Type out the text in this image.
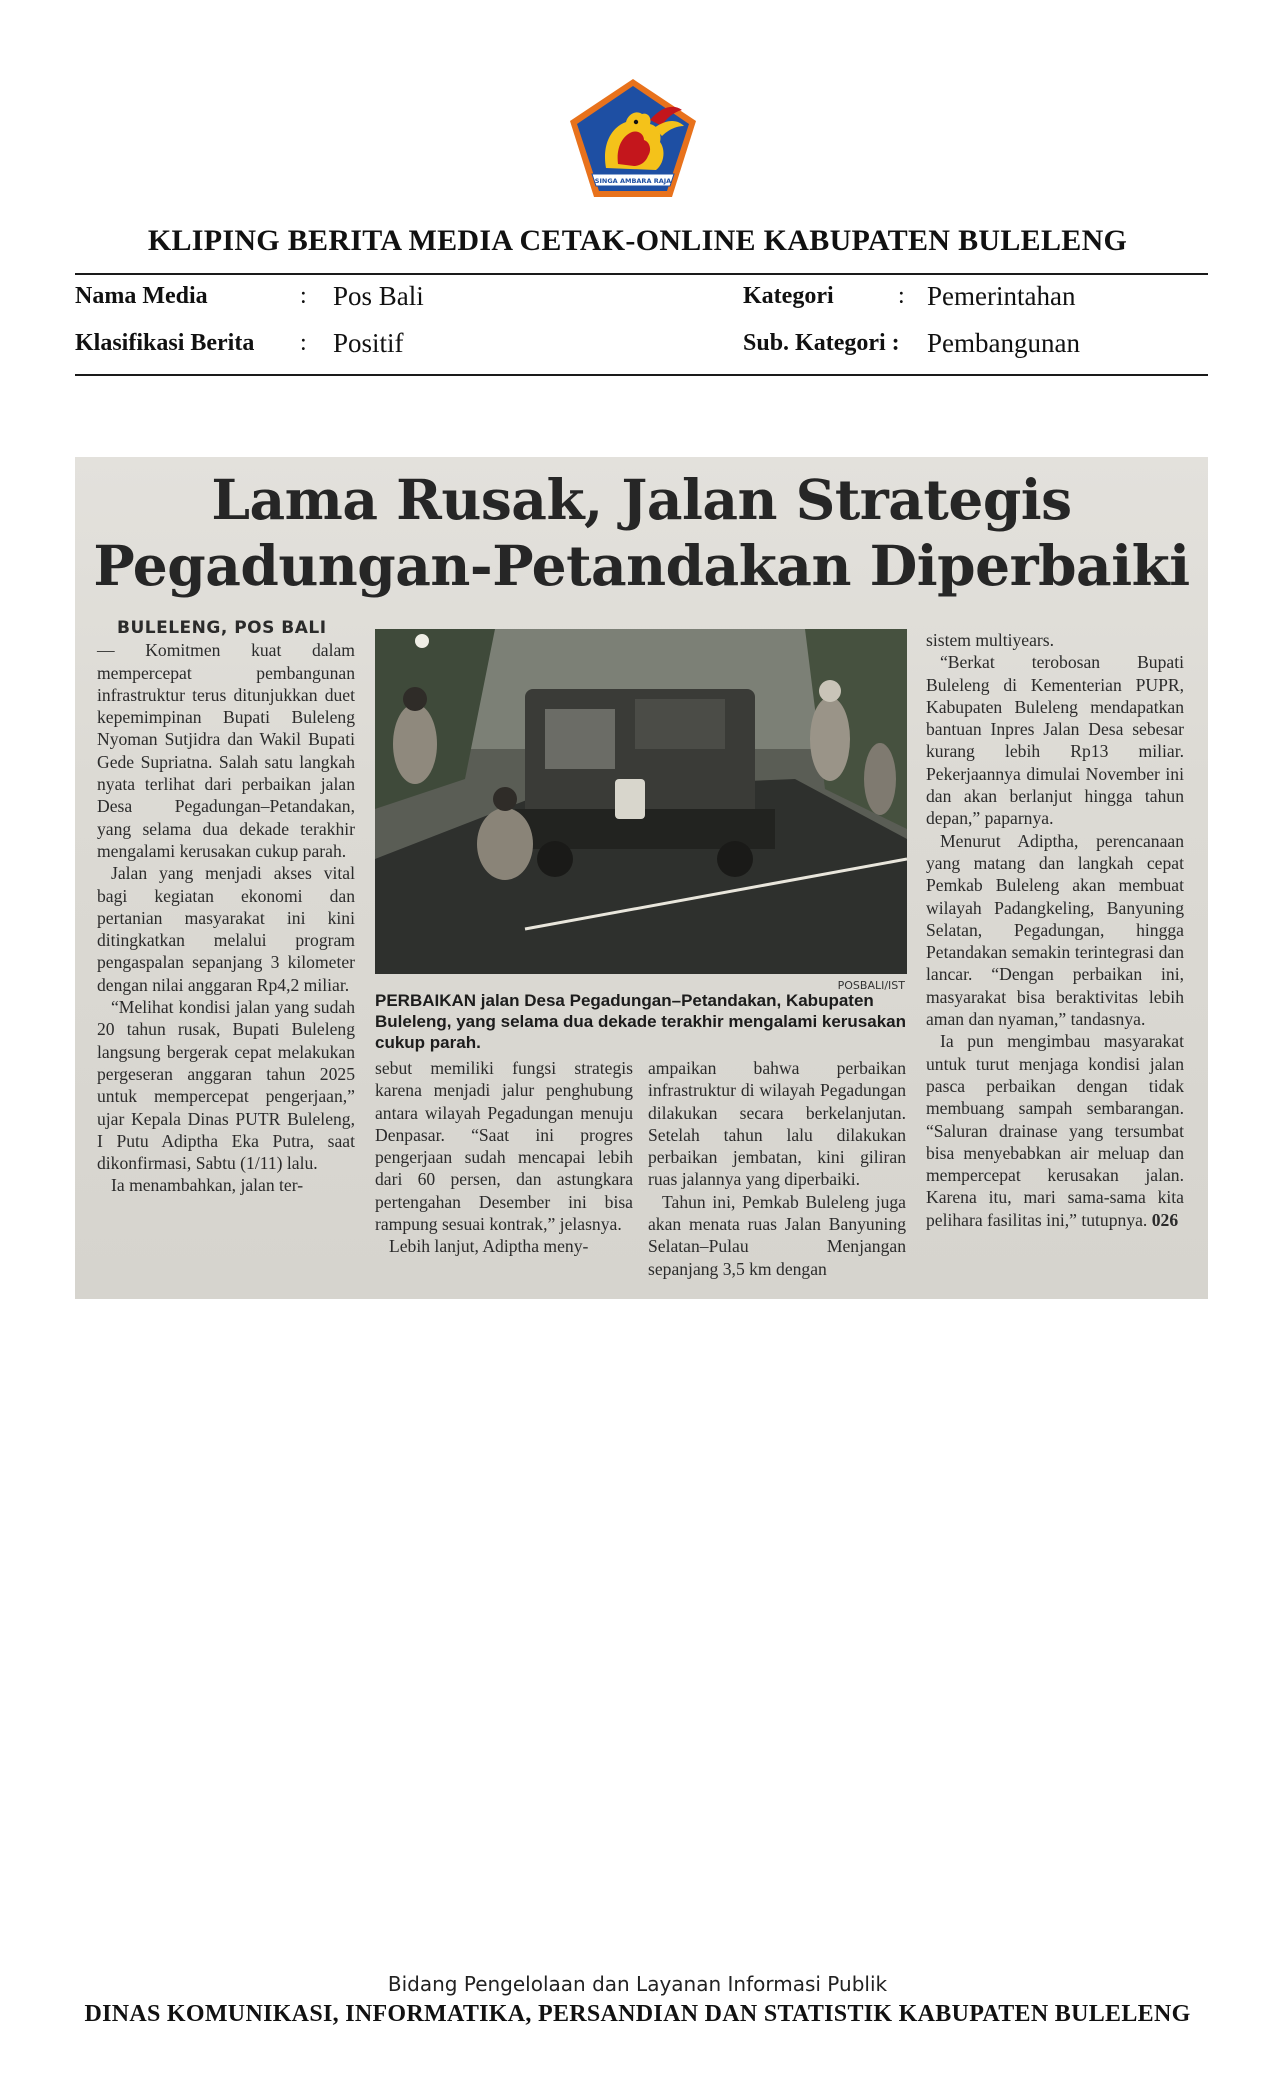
SINGA AMBARA RAJA
KLIPING BERITA MEDIA CETAK-ONLINE KABUPATEN BULELENG
Nama Media	: Pos Bali	Kategori	: Pemerintahan
Klasifikasi Berita : Positif	Sub. Kategori : Pembangunan
Lama Rusak, Jalan Strategis
Pegadungan-Petandakan Diperbaiki
BULELENG, POS BALI

— Komitmen kuat dalam mempercepat pembangunan infrastruktur terus ditunjukkan duet kepemimpinan Bupati Buleleng Nyoman Sutjidra dan Wakil Bupati Gede Supriatna. Salah satu langkah nyata terlihat dari perbaikan jalan Desa Pegadungan–Petandakan, yang selama dua dekade terakhir mengalami kerusakan cukup parah.

Jalan yang menjadi akses vital bagi kegiatan ekonomi dan pertanian masyarakat ini kini ditingkatkan melalui program pengaspalan sepanjang 3 kilometer dengan nilai anggaran Rp4,2 miliar.

“Melihat kondisi jalan yang sudah 20 tahun rusak, Bupati Buleleng langsung bergerak cepat melakukan pergeseran anggaran tahun 2025 untuk mempercepat pengerjaan,” ujar Kepala Dinas PUTR Buleleng, I Putu Adiptha Eka Putra, saat dikonfirmasi, Sabtu (1/11) lalu.

Ia menambahkan, jalan ter-

POSBALI/IST
PERBAIKAN jalan Desa Pegadungan–Petandakan, Kabupaten Buleleng, yang selama dua dekade terakhir mengalami kerusakan cukup parah.

sebut memiliki fungsi strategis karena menjadi jalur penghubung antara wilayah Pegadungan menuju Denpasar. “Saat ini progres pengerjaan sudah mencapai lebih dari 60 persen, dan astungkara pertengahan Desember ini bisa rampung sesuai kontrak,” jelasnya.

Lebih lanjut, Adiptha meny-

ampaikan bahwa perbaikan infrastruktur di wilayah Pegadungan dilakukan secara berkelanjutan. Setelah tahun lalu dilakukan perbaikan jembatan, kini giliran ruas jalannya yang diperbaiki.

Tahun ini, Pemkab Buleleng juga akan menata ruas Jalan Banyuning Selatan–Pulau Menjangan sepanjang 3,5 km dengan

sistem multiyears.

“Berkat terobosan Bupati Buleleng di Kementerian PUPR, Kabupaten Buleleng mendapatkan bantuan Inpres Jalan Desa sebesar kurang lebih Rp13 miliar. Pekerjaannya dimulai November ini dan akan berlanjut hingga tahun depan,” paparnya.

Menurut Adiptha, perencanaan yang matang dan langkah cepat Pemkab Buleleng akan membuat wilayah Padangkeling, Banyuning Selatan, Pegadungan, hingga Petandakan semakin terintegrasi dan lancar. “Dengan perbaikan ini, masyarakat bisa beraktivitas lebih aman dan nyaman,” tandasnya.

Ia pun mengimbau masyarakat untuk turut menjaga kondisi jalan pasca perbaikan dengan tidak membuang sampah sembarangan. “Saluran drainase yang tersumbat bisa menyebabkan air meluap dan mempercepat kerusakan jalan. Karena itu, mari sama-sama kita pelihara fasilitas ini,” tutupnya. 026

Bidang Pengelolaan dan Layanan Informasi Publik
DINAS KOMUNIKASI, INFORMATIKA, PERSANDIAN DAN STATISTIK KABUPATEN BULELENG
